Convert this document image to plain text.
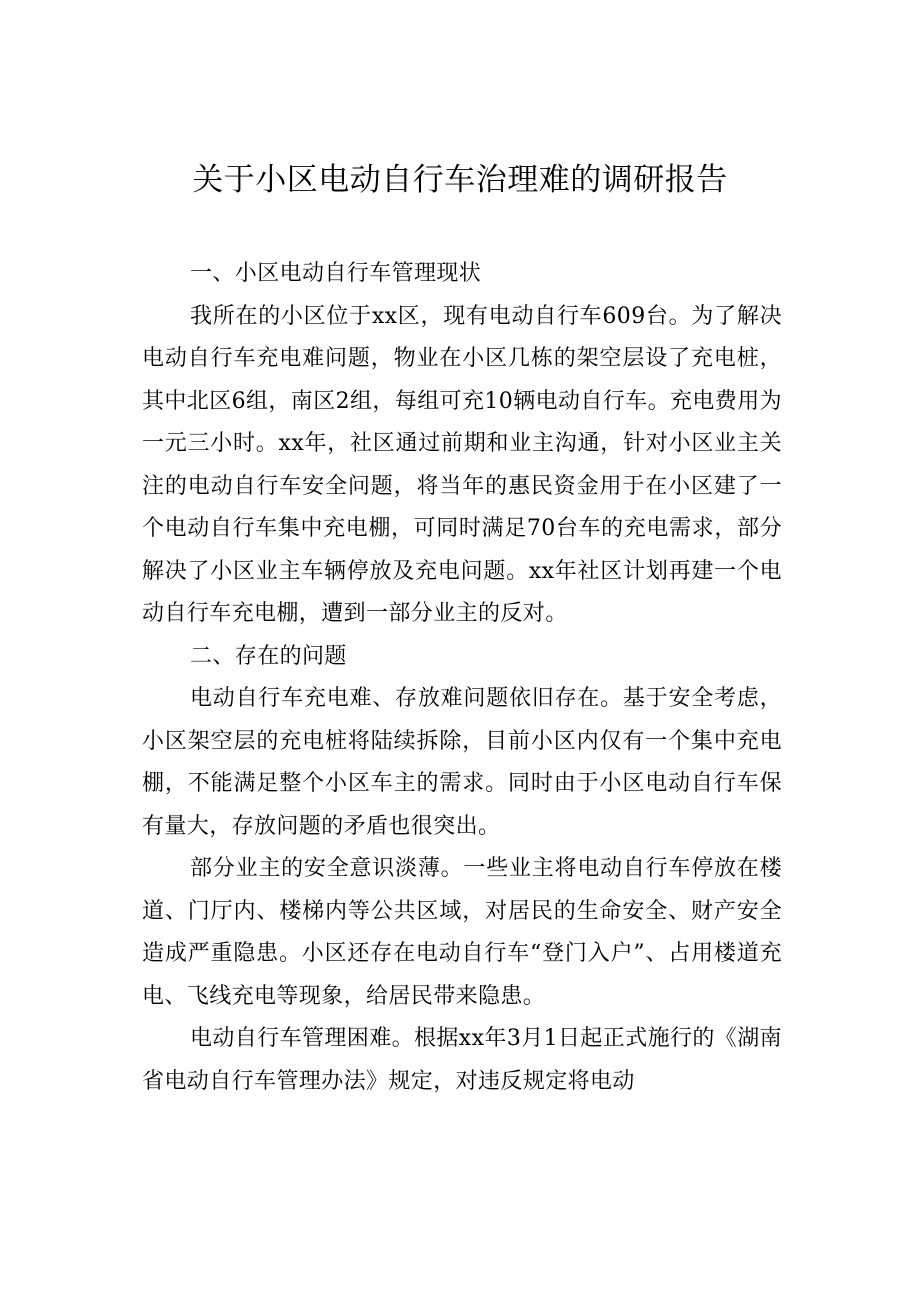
关于小区电动自行车治理难的调研报告
一、小区电动自行车管理现状

我所在的小区位于xx区，现有电动自行车609台。为了解决电动自行车充电难问题，物业在小区几栋的架空层设了充电桩，其中北区6组，南区2组，每组可充10辆电动自行车。充电费用为一元三小时。xx年，社区通过前期和业主沟通，针对小区业主关注的电动自行车安全问题，将当年的惠民资金用于在小区建了一个电动自行车集中充电棚，可同时满足70台车的充电需求，部分解决了小区业主车辆停放及充电问题。xx年社区计划再建一个电动自行车充电棚，遭到一部分业主的反对。

二、存在的问题

电动自行车充电难、存放难问题依旧存在。基于安全考虑，小区架空层的充电桩将陆续拆除，目前小区内仅有一个集中充电棚，不能满足整个小区车主的需求。同时由于小区电动自行车保有量大，存放问题的矛盾也很突出。

部分业主的安全意识淡薄。一些业主将电动自行车停放在楼道、门厅内、楼梯内等公共区域，对居民的生命安全、财产安全造成严重隐患。小区还存在电动自行车“登门入户”、占用楼道充电、飞线充电等现象，给居民带来隐患。

电动自行车管理困难。根据xx年3月1日起正式施行的《湖南省电动自行车管理办法》规定，对违反规定将电动
